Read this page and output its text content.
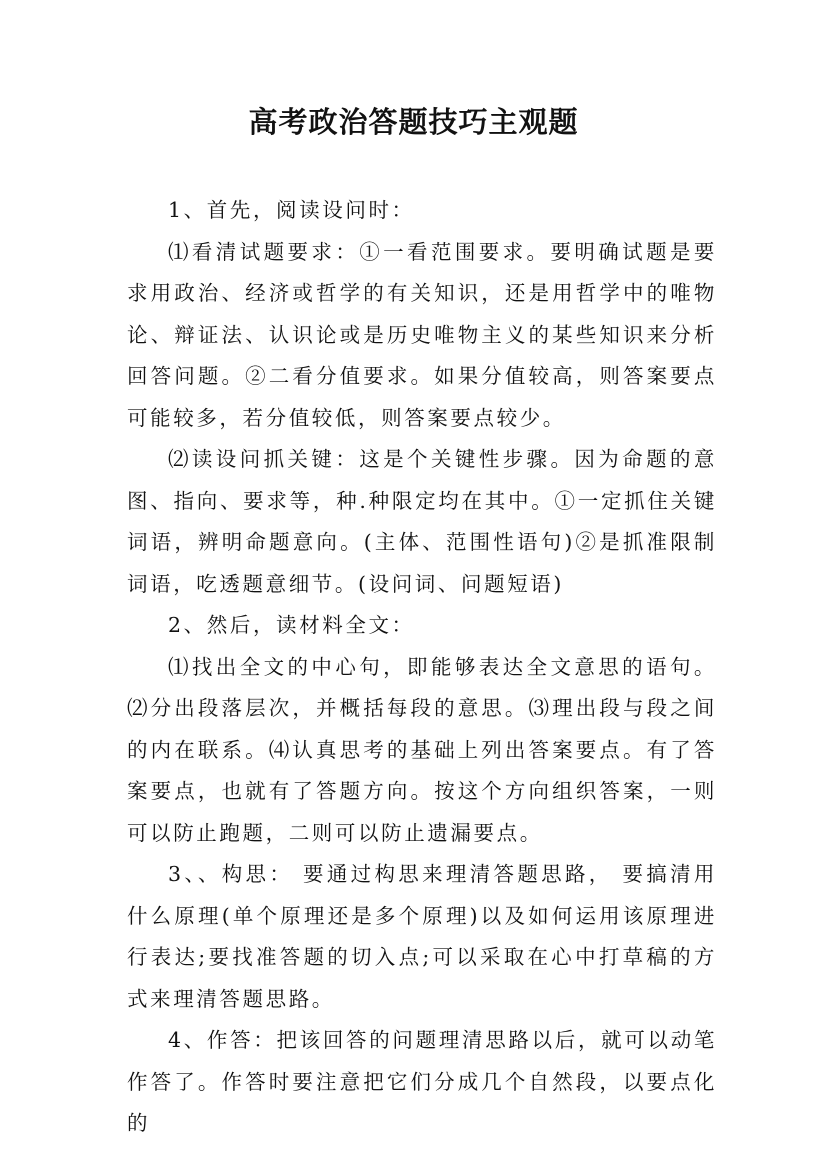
高考政治答题技巧主观题

1、首先，阅读设问时：

⑴看清试题要求：①一看范围要求。要明确试题是要求用政治、经济或哲学的有关知识，还是用哲学中的唯物论、辩证法、认识论或是历史唯物主义的某些知识来分析回答问题。②二看分值要求。如果分值较高，则答案要点可能较多，若分值较低，则答案要点较少。

⑵读设问抓关键：这是个关键性步骤。因为命题的意图、指向、要求等，种.种限定均在其中。①一定抓住关键词语，辨明命题意向。(主体、范围性语句)②是抓准限制词语，吃透题意细节。(设问词、问题短语)

2、然后，读材料全文：

⑴找出全文的中心句，即能够表达全文意思的语句。⑵分出段落层次，并概括每段的意思。⑶理出段与段之间的内在联系。⑷认真思考的基础上列出答案要点。有了答案要点，也就有了答题方向。按这个方向组织答案，一则可以防止跑题，二则可以防止遗漏要点。

3、、构思： 要通过构思来理清答题思路， 要搞清用什么原理(单个原理还是多个原理)以及如何运用该原理进行表达;要找准答题的切入点;可以采取在心中打草稿的方式来理清答题思路。

4、作答：把该回答的问题理清思路以后，就可以动笔作答了。作答时要注意把它们分成几个自然段，以要点化的
